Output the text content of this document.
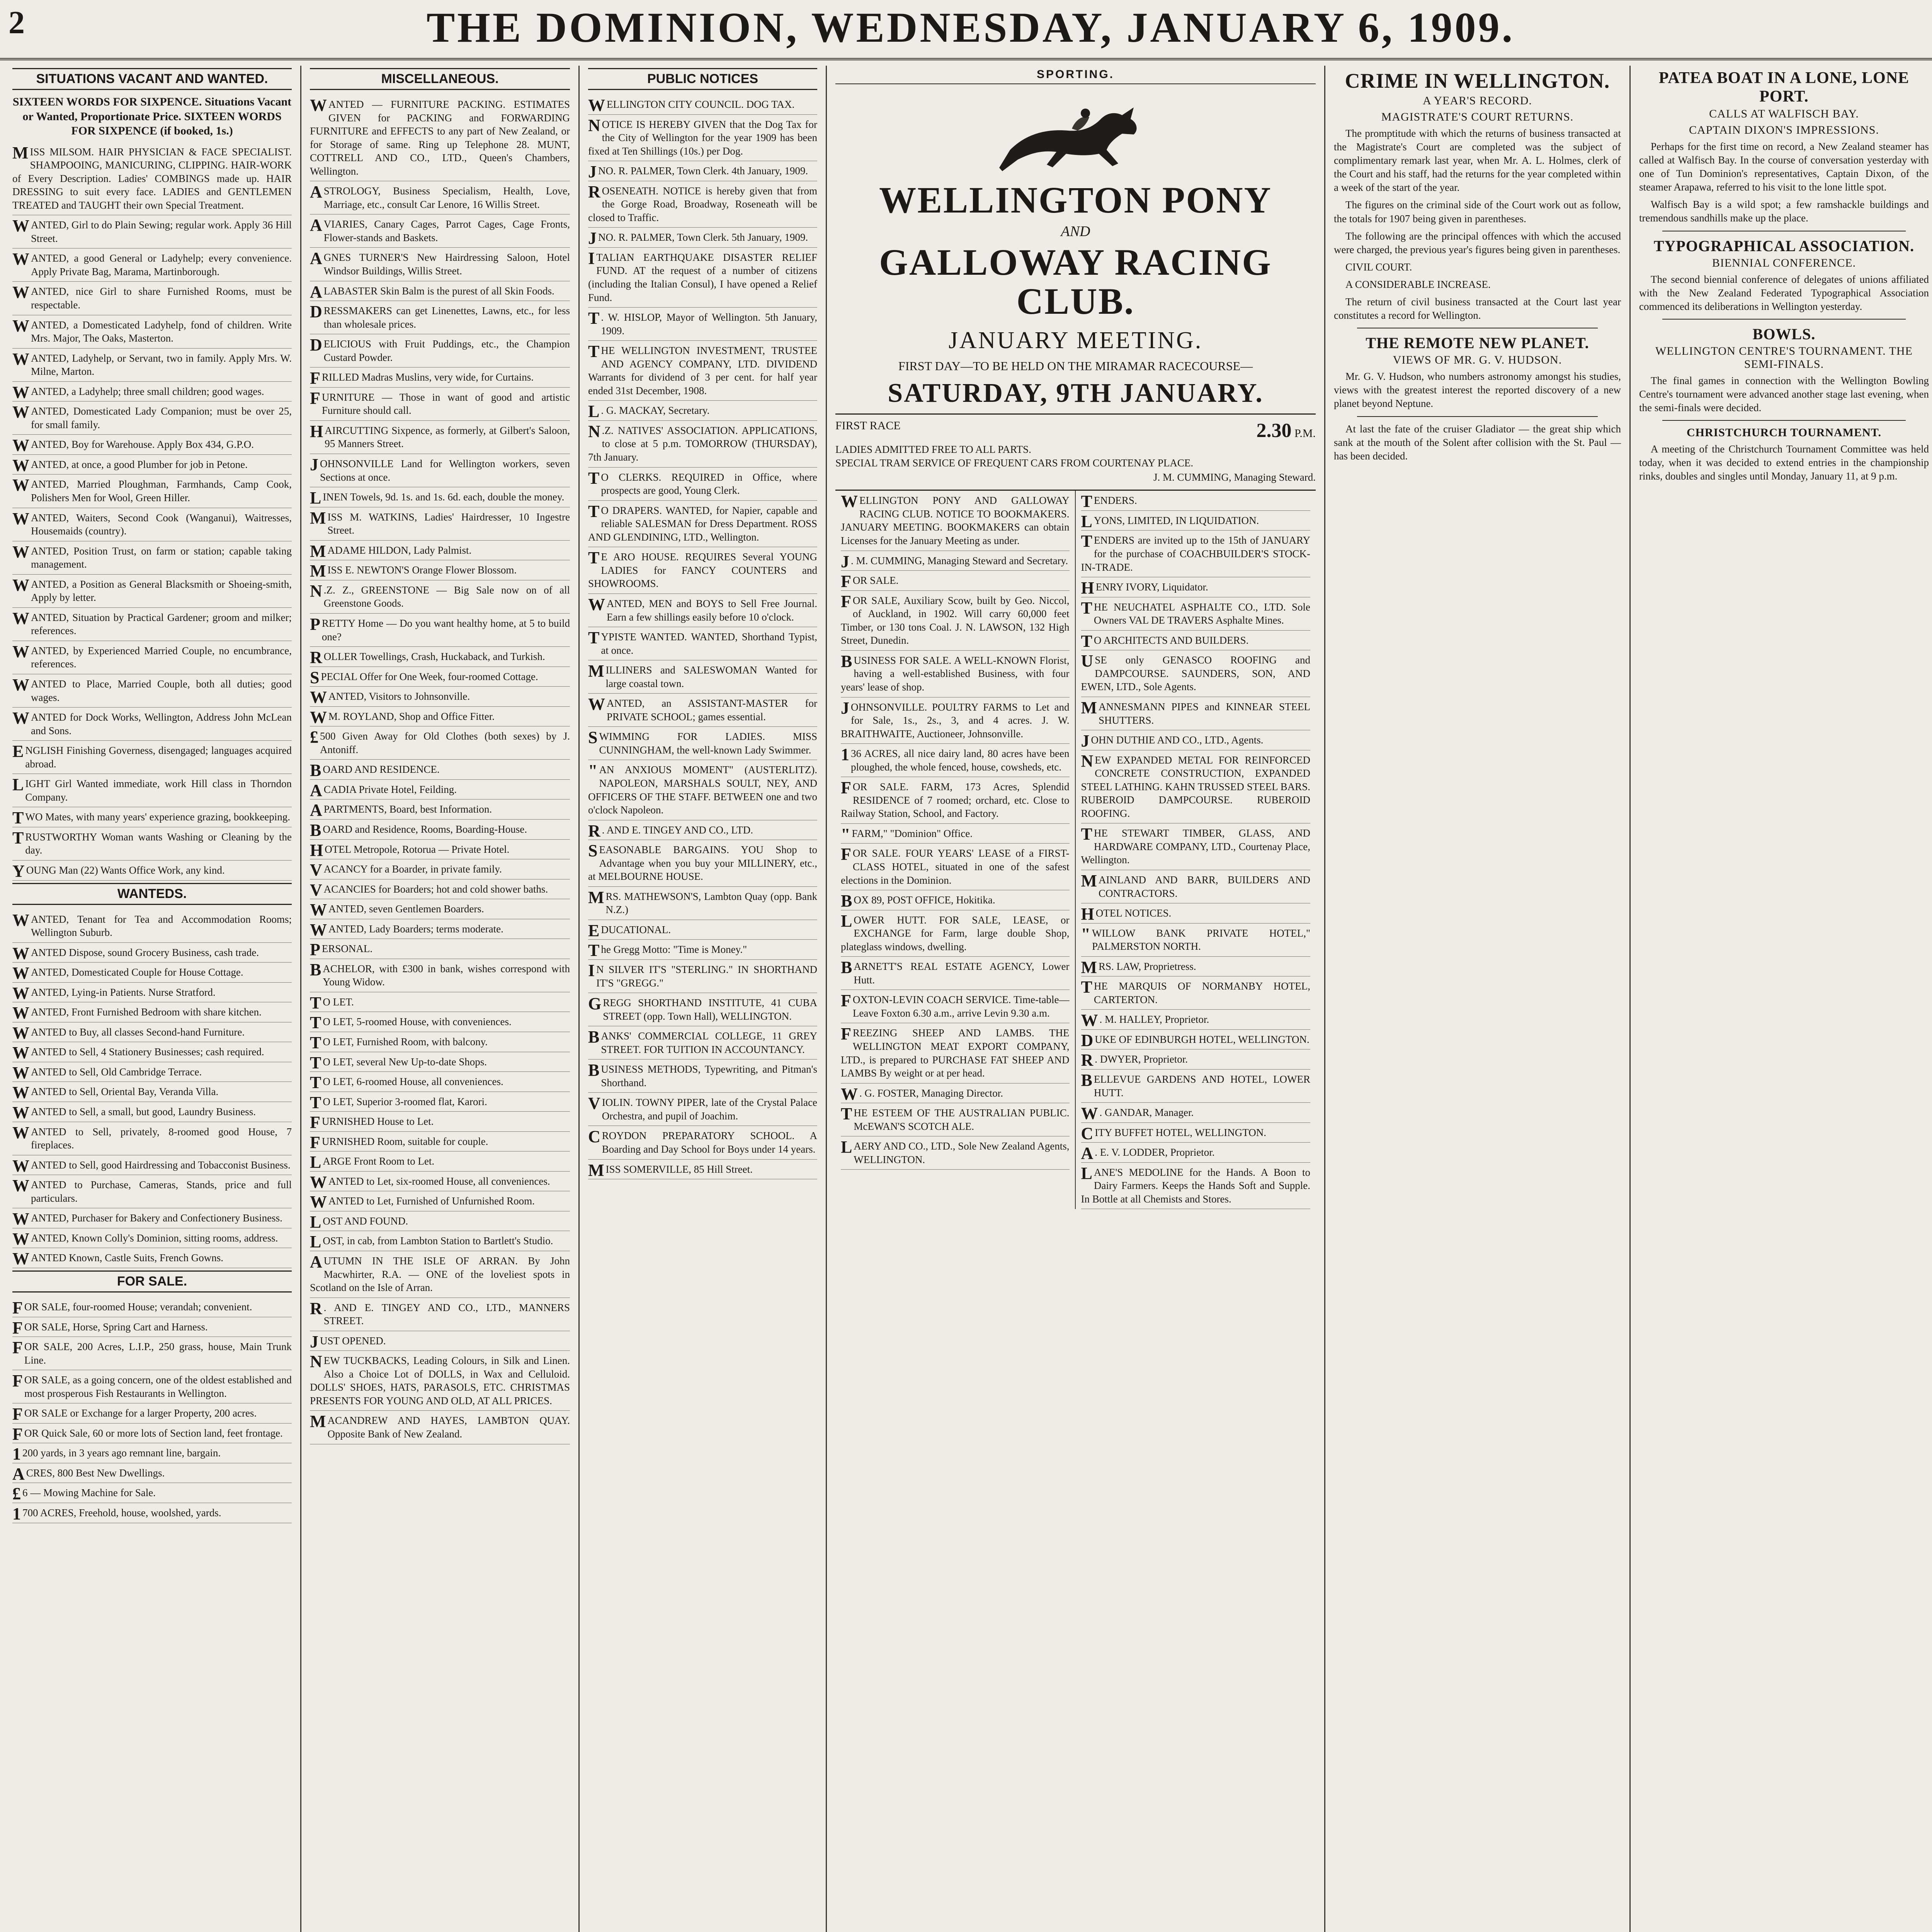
2	THE DOMINION, WEDNESDAY, JANUARY 6, 1909.
SITUATIONS VACANT AND WANTED.
SIXTEEN WORDS FOR SIXPENCE. Situations Vacant or Wanted, Proportionate Price. SIXTEEN WORDS FOR SIXPENCE (if booked, 1s.)

MISS MILSOM. HAIR PHYSICIAN & FACE SPECIALIST. SHAMPOOING, MANICURING, CLIPPING. HAIR-WORK of Every Description. Ladies' COMBINGS made up. HAIR DRESSING to suit every face. LADIES and GENTLEMEN TREATED and TAUGHT their own Special Treatment.

WANTED, Girl to do Plain Sewing; regular work. Apply 36 Hill Street.

WANTED, a good General or Ladyhelp; every convenience. Apply Private Bag, Marama, Martinborough.

WANTED, nice Girl to share Furnished Rooms, must be respectable.

WANTED, a Domesticated Ladyhelp, fond of children. Write Mrs. Major, The Oaks, Masterton.

WANTED, Ladyhelp, or Servant, two in family. Apply Mrs. W. Milne, Marton.

WANTED, a Ladyhelp; three small children; good wages.

WANTED, Domesticated Lady Companion; must be over 25, for small family.

WANTED, Boy for Warehouse. Apply Box 434, G.P.O.

WANTED, at once, a good Plumber for job in Petone.

WANTED, Married Ploughman, Farmhands, Camp Cook, Polishers Men for Wool, Green Hiller.

WANTED, Waiters, Second Cook (Wanganui), Waitresses, Housemaids (country).

WANTED, Position Trust, on farm or station; capable taking management.

WANTED, a Position as General Blacksmith or Shoeing-smith, Apply by letter.

WANTED, Situation by Practical Gardener; groom and milker; references.

WANTED, by Experienced Married Couple, no encumbrance, references.

WANTED to Place, Married Couple, both all duties; good wages.

WANTED for Dock Works, Wellington, Address John McLean and Sons.

ENGLISH Finishing Governess, disengaged; languages acquired abroad.

LIGHT Girl Wanted immediate, work Hill class in Thorndon Company.

TWO Mates, with many years' experience grazing, bookkeeping.

TRUSTWORTHY Woman wants Washing or Cleaning by the day.

YOUNG Man (22) Wants Office Work, any kind.

WANTEDS.

WANTED, Tenant for Tea and Accommodation Rooms; Wellington Suburb.

WANTED Dispose, sound Grocery Business, cash trade.

WANTED, Domesticated Couple for House Cottage.

WANTED, Lying-in Patients. Nurse Stratford.

WANTED, Front Furnished Bedroom with share kitchen.

WANTED to Buy, all classes Second-hand Furniture.

WANTED to Sell, 4 Stationery Businesses; cash required.

WANTED to Sell, Old Cambridge Terrace.

WANTED to Sell, Oriental Bay, Veranda Villa.

WANTED to Sell, a small, but good, Laundry Business.

WANTED to Sell, privately, 8-roomed good House, 7 fireplaces.

WANTED to Sell, good Hairdressing and Tobacconist Business.

WANTED to Purchase, Cameras, Stands, price and full particulars.

WANTED, Purchaser for Bakery and Confectionery Business.

WANTED, Known Colly's Dominion, sitting rooms, address.

WANTED Known, Castle Suits, French Gowns.

FOR SALE.

FOR SALE, four-roomed House; verandah; convenient.

FOR SALE, Horse, Spring Cart and Harness.

FOR SALE, 200 Acres, L.I.P., 250 grass, house, Main Trunk Line.

FOR SALE, as a going concern, one of the oldest established and most prosperous Fish Restaurants in Wellington.

FOR SALE or Exchange for a larger Property, 200 acres.

FOR Quick Sale, 60 or more lots of Section land, feet frontage.

1 200 yards, in 3 years ago remnant line, bargain.

ACRES, 800 Best New Dwellings.

£ 6 — Mowing Machine for Sale.

1 700 ACRES, Freehold, house, woolshed, yards.

MISCELLANEOUS.

WANTED — FURNITURE PACKING. ESTIMATES GIVEN for PACKING and FORWARDING FURNITURE and EFFECTS to any part of New Zealand, or for Storage of same. Ring up Telephone 28. MUNT, COTTRELL AND CO., LTD., Queen's Chambers, Wellington.

ASTROLOGY, Business Specialism, Health, Love, Marriage, etc., consult Car Lenore, 16 Willis Street.

AVIARIES, Canary Cages, Parrot Cages, Cage Fronts, Flower-stands and Baskets.

AGNES TURNER'S New Hairdressing Saloon, Hotel Windsor Buildings, Willis Street.

ALABASTER Skin Balm is the purest of all Skin Foods.

DRESSMAKERS can get Linenettes, Lawns, etc., for less than wholesale prices.

DELICIOUS with Fruit Puddings, etc., the Champion Custard Powder.

FRILLED Madras Muslins, very wide, for Curtains.

FURNITURE — Those in want of good and artistic Furniture should call.

HAIRCUTTING Sixpence, as formerly, at Gilbert's Saloon, 95 Manners Street.

JOHNSONVILLE Land for Wellington workers, seven Sections at once.

LINEN Towels, 9d. 1s. and 1s. 6d. each, double the money.

MISS M. WATKINS, Ladies' Hairdresser, 10 Ingestre Street.

MADAME HILDON, Lady Palmist.

MISS E. NEWTON'S Orange Flower Blossom.

N .Z. Z., GREENSTONE — Big Sale now on of all Greenstone Goods.

PRETTY Home — Do you want healthy home, at 5 to build one?

ROLLER Towellings, Crash, Huckaback, and Turkish.

SPECIAL Offer for One Week, four-roomed Cottage.

WANTED, Visitors to Johnsonville.

W M. ROYLAND, Shop and Office Fitter.

£ 500 Given Away for Old Clothes (both sexes) by J. Antoniff.

BOARD AND RESIDENCE.

ACADIA Private Hotel, Feilding.

APARTMENTS, Board, best Information.

BOARD and Residence, Rooms, Boarding-House.

HOTEL Metropole, Rotorua — Private Hotel.

VACANCY for a Boarder, in private family.

VACANCIES for Boarders; hot and cold shower baths.

WANTED, seven Gentlemen Boarders.

WANTED, Lady Boarders; terms moderate.

PERSONAL.

BACHELOR, with £300 in bank, wishes correspond with Young Widow.

T O LET.

T O LET, 5-roomed House, with conveniences.

T O LET, Furnished Room, with balcony.

T O LET, several New Up-to-date Shops.

T O LET, 6-roomed House, all conveniences.

T O LET, Superior 3-roomed flat, Karori.

FURNISHED House to Let.

FURNISHED Room, suitable for couple.

LARGE Front Room to Let.

WANTED to Let, six-roomed House, all conveniences.

WANTED to Let, Furnished of Unfurnished Room.

LOST AND FOUND.

LOST, in cab, from Lambton Station to Bartlett's Studio.

AUTUMN IN THE ISLE OF ARRAN. By John Macwhirter, R.A. — ONE of the loveliest spots in Scotland on the Isle of Arran.

R . AND E. TINGEY AND CO., LTD., MANNERS STREET.

JUST OPENED.

NEW TUCKBACKS, Leading Colours, in Silk and Linen. Also a Choice Lot of DOLLS, in Wax and Celluloid. DOLLS' SHOES, HATS, PARASOLS, ETC. CHRISTMAS PRESENTS FOR YOUNG AND OLD, AT ALL PRICES.

MACANDREW AND HAYES, LAMBTON QUAY. Opposite Bank of New Zealand.

PUBLIC NOTICES

WELLINGTON CITY COUNCIL. DOG TAX.

NOTICE IS HEREBY GIVEN that the Dog Tax for the City of Wellington for the year 1909 has been fixed at Ten Shillings (10s.) per Dog.

JNO. R. PALMER, Town Clerk. 4th January, 1909.

ROSENEATH. NOTICE is hereby given that from the Gorge Road, Broadway, Roseneath will be closed to Traffic.

JNO. R. PALMER, Town Clerk. 5th January, 1909.

ITALIAN EARTHQUAKE DISASTER RELIEF FUND. AT the request of a number of citizens (including the Italian Consul), I have opened a Relief Fund.

T . W. HISLOP, Mayor of Wellington. 5th January, 1909.

THE WELLINGTON INVESTMENT, TRUSTEE AND AGENCY COMPANY, LTD. DIVIDEND Warrants for dividend of 3 per cent. for half year ended 31st December, 1908.

L . G. MACKAY, Secretary.

N .Z. NATIVES' ASSOCIATION. APPLICATIONS, to close at 5 p.m. TOMORROW (THURSDAY), 7th January.

T O CLERKS. REQUIRED in Office, where prospects are good, Young Clerk.

T O DRAPERS. WANTED, for Napier, capable and reliable SALESMAN for Dress Department. ROSS AND GLENDINING, LTD., Wellington.

T E ARO HOUSE. REQUIRES Several YOUNG LADIES for FANCY COUNTERS and SHOWROOMS.

WANTED, MEN and BOYS to Sell Free Journal. Earn a few shillings easily before 10 o'clock.

TYPISTE WANTED. WANTED, Shorthand Typist, at once.

MILLINERS and SALESWOMAN Wanted for large coastal town.

WANTED, an ASSISTANT-MASTER for PRIVATE SCHOOL; games essential.

SWIMMING FOR LADIES. MISS CUNNINGHAM, the well-known Lady Swimmer.

" AN ANXIOUS MOMENT" (AUSTERLITZ). NAPOLEON, MARSHALS SOULT, NEY, AND OFFICERS OF THE STAFF. BETWEEN one and two o'clock Napoleon.

R . AND E. TINGEY AND CO., LTD.

SEASONABLE BARGAINS. YOU Shop to Advantage when you buy your MILLINERY, etc., at MELBOURNE HOUSE.

MRS. MATHEWSON'S, Lambton Quay (opp. Bank N.Z.)

EDUCATIONAL.

The Gregg Motto: "Time is Money."

I N SILVER IT'S "STERLING." IN SHORTHAND IT'S "GREGG."

GREGG SHORTHAND INSTITUTE, 41 CUBA STREET (opp. Town Hall), WELLINGTON.

BANKS' COMMERCIAL COLLEGE, 11 GREY STREET. FOR TUITION IN ACCOUNTANCY.

BUSINESS METHODS, Typewriting, and Pitman's Shorthand.

VIOLIN. TOWNY PIPER, late of the Crystal Palace Orchestra, and pupil of Joachim.

CROYDON PREPARATORY SCHOOL. A Boarding and Day School for Boys under 14 years.

MISS SOMERVILLE, 85 Hill Street.

SPORTING.
WELLINGTON PONY
AND
GALLOWAY RACING CLUB.
JANUARY MEETING.
FIRST DAY—TO BE HELD ON THE MIRAMAR RACECOURSE—
SATURDAY, 9TH JANUARY.
FIRST RACE	2.30 P.M.
LADIES ADMITTED FREE TO ALL PARTS.
SPECIAL TRAM SERVICE OF FREQUENT CARS FROM COURTENAY PLACE.
J. M. CUMMING, Managing Steward.

WELLINGTON PONY AND GALLOWAY RACING CLUB. NOTICE TO BOOKMAKERS. JANUARY MEETING. BOOKMAKERS can obtain Licenses for the January Meeting as under.

J . M. CUMMING, Managing Steward and Secretary.

FOR SALE.

FOR SALE, Auxiliary Scow, built by Geo. Niccol, of Auckland, in 1902. Will carry 60,000 feet Timber, or 130 tons Coal. J. N. LAWSON, 132 High Street, Dunedin.

BUSINESS FOR SALE. A WELL-KNOWN Florist, having a well-established Business, with four years' lease of shop.

JOHNSONVILLE. POULTRY FARMS to Let and for Sale, 1s., 2s., 3, and 4 acres. J. W. BRAITHWAITE, Auctioneer, Johnsonville.

1 36 ACRES, all nice dairy land, 80 acres have been ploughed, the whole fenced, house, cowsheds, etc.

FOR SALE. FARM, 173 Acres, Splendid RESIDENCE of 7 roomed; orchard, etc. Close to Railway Station, School, and Factory.

" FARM," "Dominion" Office.

FOR SALE. FOUR YEARS' LEASE of a FIRST-CLASS HOTEL, situated in one of the safest elections in the Dominion.

BOX 89, POST OFFICE, Hokitika.

LOWER HUTT. FOR SALE, LEASE, or EXCHANGE for Farm, large double Shop, plateglass windows, dwelling.

BARNETT'S REAL ESTATE AGENCY, Lower Hutt.

FOXTON-LEVIN COACH SERVICE. Time-table—Leave Foxton 6.30 a.m., arrive Levin 9.30 a.m.

FREEZING SHEEP AND LAMBS. THE WELLINGTON MEAT EXPORT COMPANY, LTD., is prepared to PURCHASE FAT SHEEP AND LAMBS By weight or at per head.

W . G. FOSTER, Managing Director.

THE ESTEEM OF THE AUSTRALIAN PUBLIC. McEWAN'S SCOTCH ALE.

LAERY AND CO., LTD., Sole New Zealand Agents, WELLINGTON.

TENDERS.

LYONS, LIMITED, IN LIQUIDATION.

TENDERS are invited up to the 15th of JANUARY for the purchase of COACHBUILDER'S STOCK-IN-TRADE.

HENRY IVORY, Liquidator.

THE NEUCHATEL ASPHALTE CO., LTD. Sole Owners VAL DE TRAVERS Asphalte Mines.

T O ARCHITECTS AND BUILDERS.

USE only GENASCO ROOFING and DAMPCOURSE. SAUNDERS, SON, AND EWEN, LTD., Sole Agents.

MANNESMANN PIPES and KINNEAR STEEL SHUTTERS.

JOHN DUTHIE AND CO., LTD., Agents.

NEW EXPANDED METAL FOR REINFORCED CONCRETE CONSTRUCTION, EXPANDED STEEL LATHING. KAHN TRUSSED STEEL BARS. RUBEROID DAMPCOURSE. RUBEROID ROOFING.

THE STEWART TIMBER, GLASS, AND HARDWARE COMPANY, LTD., Courtenay Place, Wellington.

MAINLAND AND BARR, BUILDERS AND CONTRACTORS.

HOTEL NOTICES.

" WILLOW BANK PRIVATE HOTEL," PALMERSTON NORTH.

MRS. LAW, Proprietress.

THE MARQUIS OF NORMANBY HOTEL, CARTERTON.

W . M. HALLEY, Proprietor.

DUKE OF EDINBURGH HOTEL, WELLINGTON.

R . DWYER, Proprietor.

BELLEVUE GARDENS AND HOTEL, LOWER HUTT.

W . GANDAR, Manager.

CITY BUFFET HOTEL, WELLINGTON.

A . E. V. LODDER, Proprietor.

LANE'S MEDOLINE for the Hands. A Boon to Dairy Farmers. Keeps the Hands Soft and Supple. In Bottle at all Chemists and Stores.

CRIME IN WELLINGTON.
A YEAR'S RECORD.
MAGISTRATE'S COURT RETURNS.

The promptitude with which the returns of business transacted at the Magistrate's Court are completed was the subject of complimentary remark last year, when Mr. A. L. Holmes, clerk of the Court and his staff, had the returns for the year completed within a week of the start of the year.

The figures on the criminal side of the Court work out as follow, the totals for 1907 being given in parentheses.

The following are the principal offences with which the accused were charged, the previous year's figures being given in parentheses.

CIVIL COURT.

A CONSIDERABLE INCREASE.

The return of civil business transacted at the Court last year constitutes a record for Wellington.

THE REMOTE NEW PLANET.
VIEWS OF MR. G. V. HUDSON.

Mr. G. V. Hudson, who numbers astronomy amongst his studies, views with the greatest interest the reported discovery of a new planet beyond Neptune.

At last the fate of the cruiser Gladiator — the great ship which sank at the mouth of the Solent after collision with the St. Paul — has been decided.

PATEA BOAT IN A LONE, LONE PORT.
CALLS AT WALFISCH BAY.
CAPTAIN DIXON'S IMPRESSIONS.

Perhaps for the first time on record, a New Zealand steamer has called at Walfisch Bay. In the course of conversation yesterday with one of Tun Dominion's representatives, Captain Dixon, of the steamer Arapawa, referred to his visit to the lone little spot.

Walfisch Bay is a wild spot; a few ramshackle buildings and tremendous sandhills make up the place.

TYPOGRAPHICAL ASSOCIATION.
BIENNIAL CONFERENCE.

The second biennial conference of delegates of unions affiliated with the New Zealand Federated Typographical Association commenced its deliberations in Wellington yesterday.

BOWLS.
WELLINGTON CENTRE'S TOURNAMENT. THE SEMI-FINALS.

The final games in connection with the Wellington Bowling Centre's tournament were advanced another stage last evening, when the semi-finals were decided.

CHRISTCHURCH TOURNAMENT.

A meeting of the Christchurch Tournament Committee was held today, when it was decided to extend entries in the championship rinks, doubles and singles until Monday, January 11, at 9 p.m.
